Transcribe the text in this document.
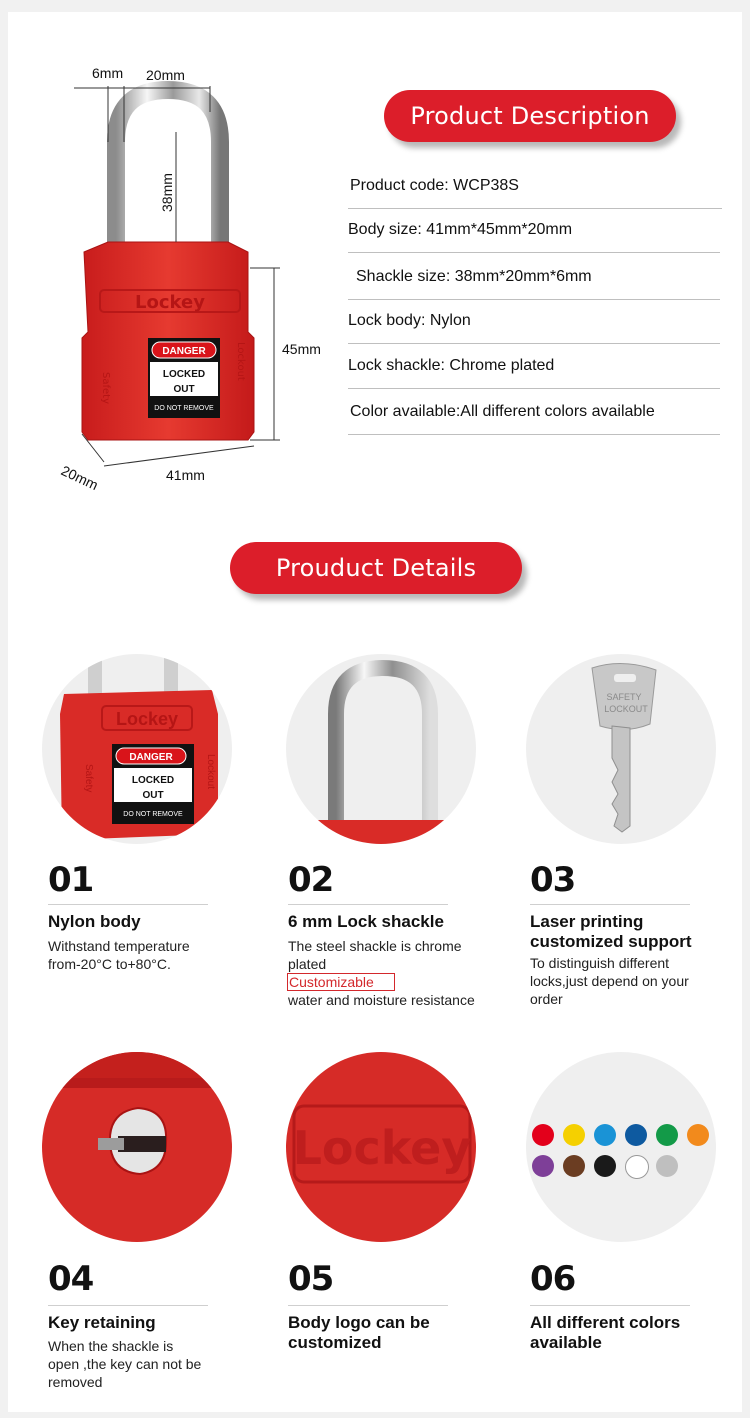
Lockey
Safety
Lockout
DANGER
LOCKED
OUT
DO NOT REMOVE
6mm 20mm
38mm
45mm
20mm	41mm
Product Description
Product code: WCP38S
Body size: 41mm*45mm*20mm
Shackle size: 38mm*20mm*6mm
Lock body: Nylon
Lock shackle: Chrome plated
Color available:All different colors available
Prouduct Details
Lockey
DANGER
LOCKED
OUT
DO NOT REMOVE
Safety	Lockout
SAFETY
LOCKOUT
01
Nylon body
Withstand temperature
from-20°C to+80°C.
02
6 mm Lock shackle
The steel shackle is chrome
plated
Customizable
water and moisture resistance
03
Laser printing
customized support
To distinguish different
locks,just depend on your
order
Lockey
04
Key retaining
When the shackle is
open ,the key can not be
removed
05
Body logo can be
customized
06
All different colors
available
